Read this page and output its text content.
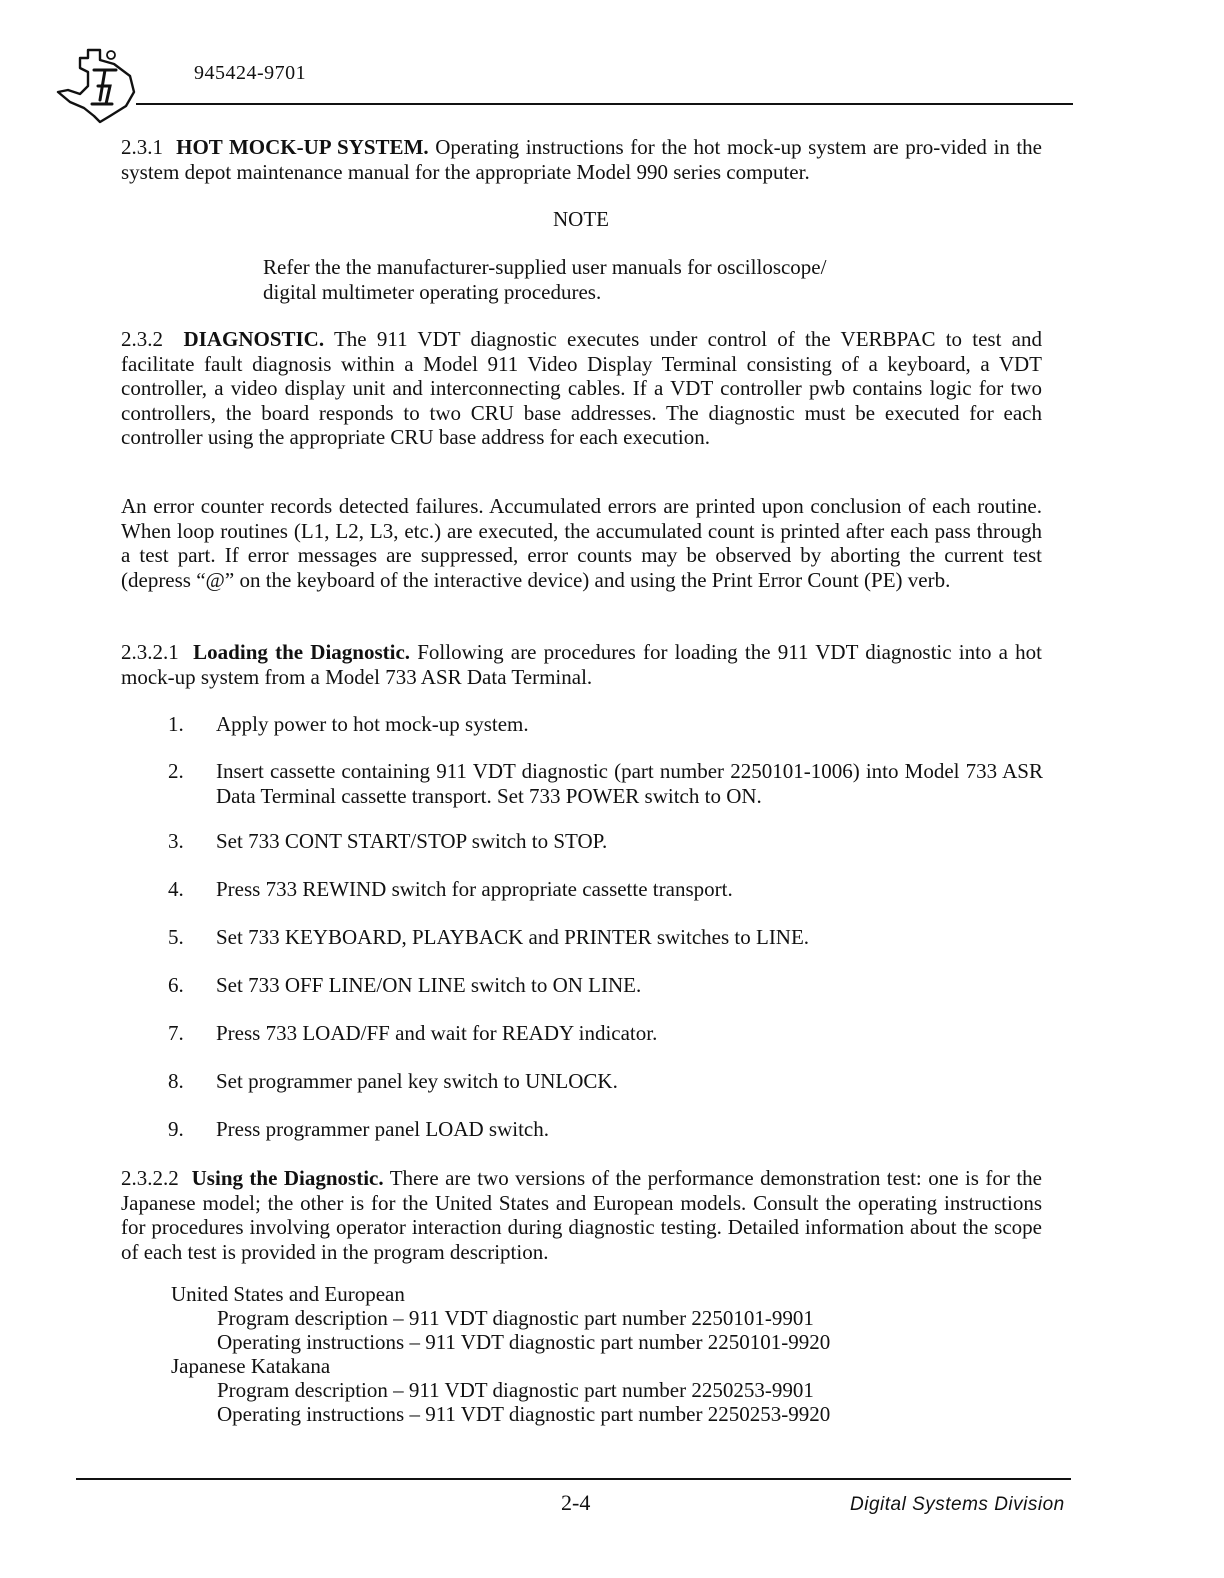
945424-9701
2.3.1 HOT MOCK-UP SYSTEM. Operating instructions for the hot mock-up system are pro-vided in the system depot maintenance manual for the appropriate Model 990 series computer.
NOTE
Refer the the manufacturer-supplied user manuals for oscilloscope/
digital multimeter operating procedures.
2.3.2 DIAGNOSTIC. The 911 VDT diagnostic executes under control of the VERBPAC to test and facilitate fault diagnosis within a Model 911 Video Display Terminal consisting of a keyboard, a VDT controller, a video display unit and interconnecting cables. If a VDT controller pwb contains logic for two controllers, the board responds to two CRU base addresses. The diagnostic must be executed for each controller using the appropriate CRU base address for each execution.
An error counter records detected failures. Accumulated errors are printed upon conclusion of each routine. When loop routines (L1, L2, L3, etc.) are executed, the accumulated count is printed after each pass through a test part. If error messages are suppressed, error counts may be observed by aborting the current test (depress “@” on the keyboard of the interactive device) and using the Print Error Count (PE) verb.
2.3.2.1 Loading the Diagnostic. Following are procedures for loading the 911 VDT diagnostic into a hot mock-up system from a Model 733 ASR Data Terminal.
1.	Apply power to hot mock-up system.
2.	Insert cassette containing 911 VDT diagnostic (part number 2250101-1006) into Model 733 ASR Data Terminal cassette transport. Set 733 POWER switch to ON.
3.	Set 733 CONT START/STOP switch to STOP.
4.	Press 733 REWIND switch for appropriate cassette transport.
5.	Set 733 KEYBOARD, PLAYBACK and PRINTER switches to LINE.
6.	Set 733 OFF LINE/ON LINE switch to ON LINE.
7.	Press 733 LOAD/FF and wait for READY indicator.
8.	Set programmer panel key switch to UNLOCK.
9.	Press programmer panel LOAD switch.
2.3.2.2 Using the Diagnostic. There are two versions of the performance demonstration test: one is for the Japanese model; the other is for the United States and European models. Consult the operating instructions for procedures involving operator interaction during diagnostic testing. Detailed information about the scope of each test is provided in the program description.
United States and European
Program description – 911 VDT diagnostic part number 2250101-9901
Operating instructions – 911 VDT diagnostic part number 2250101-9920
Japanese Katakana
Program description – 911 VDT diagnostic part number 2250253-9901
Operating instructions – 911 VDT diagnostic part number 2250253-9920
2-4	Digital Systems Division
